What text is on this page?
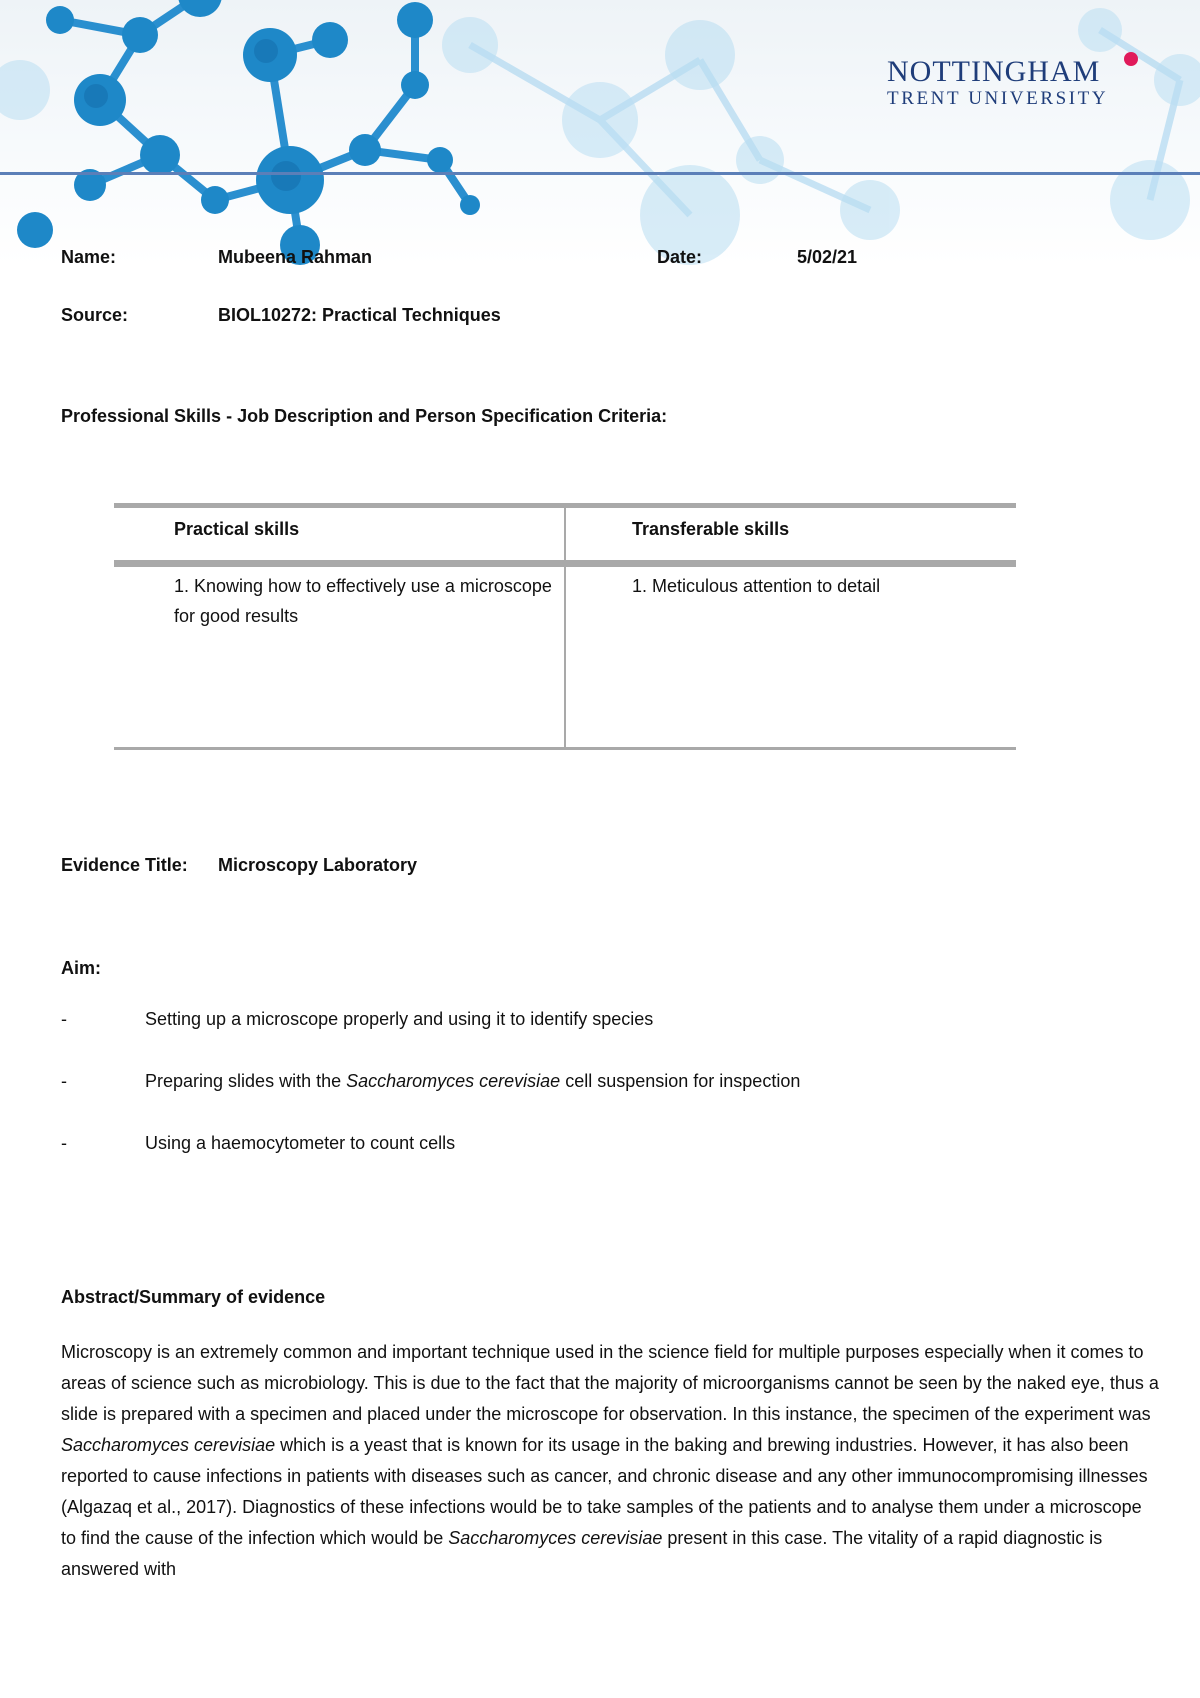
NOTTINGHAM
TRENT UNIVERSITY
Name:	Mubeena Rahman	Date:	5/02/21
Source:	BIOL10272: Practical Techniques
Professional Skills - Job Description and Person Specification Criteria:
Practical skills	Transferable skills
1. Knowing how to effectively use a microscope for good results	1. Meticulous attention to detail
Evidence Title: Microscopy Laboratory
Aim:
-	Setting up a microscope properly and using it to identify species
-	Preparing slides with the Saccharomyces cerevisiae cell suspension for inspection
-	Using a haemocytometer to count cells
Abstract/Summary of evidence

Microscopy is an extremely common and important technique used in the science field for multiple purposes especially when it comes to areas of science such as microbiology. This is due to the fact that the majority of microorganisms cannot be seen by the naked eye, thus a slide is prepared with a specimen and placed under the microscope for observation. In this instance, the specimen of the experiment was Saccharomyces cerevisiae which is a yeast that is known for its usage in the baking and brewing industries. However, it has also been reported to cause infections in patients with diseases such as cancer, and chronic disease and any other immunocompromising illnesses (Algazaq et al., 2017). Diagnostics of these infections would be to take samples of the patients and to analyse them under a microscope to find the cause of the infection which would be Saccharomyces cerevisiae present in this case. The vitality of a rapid diagnostic is answered with
